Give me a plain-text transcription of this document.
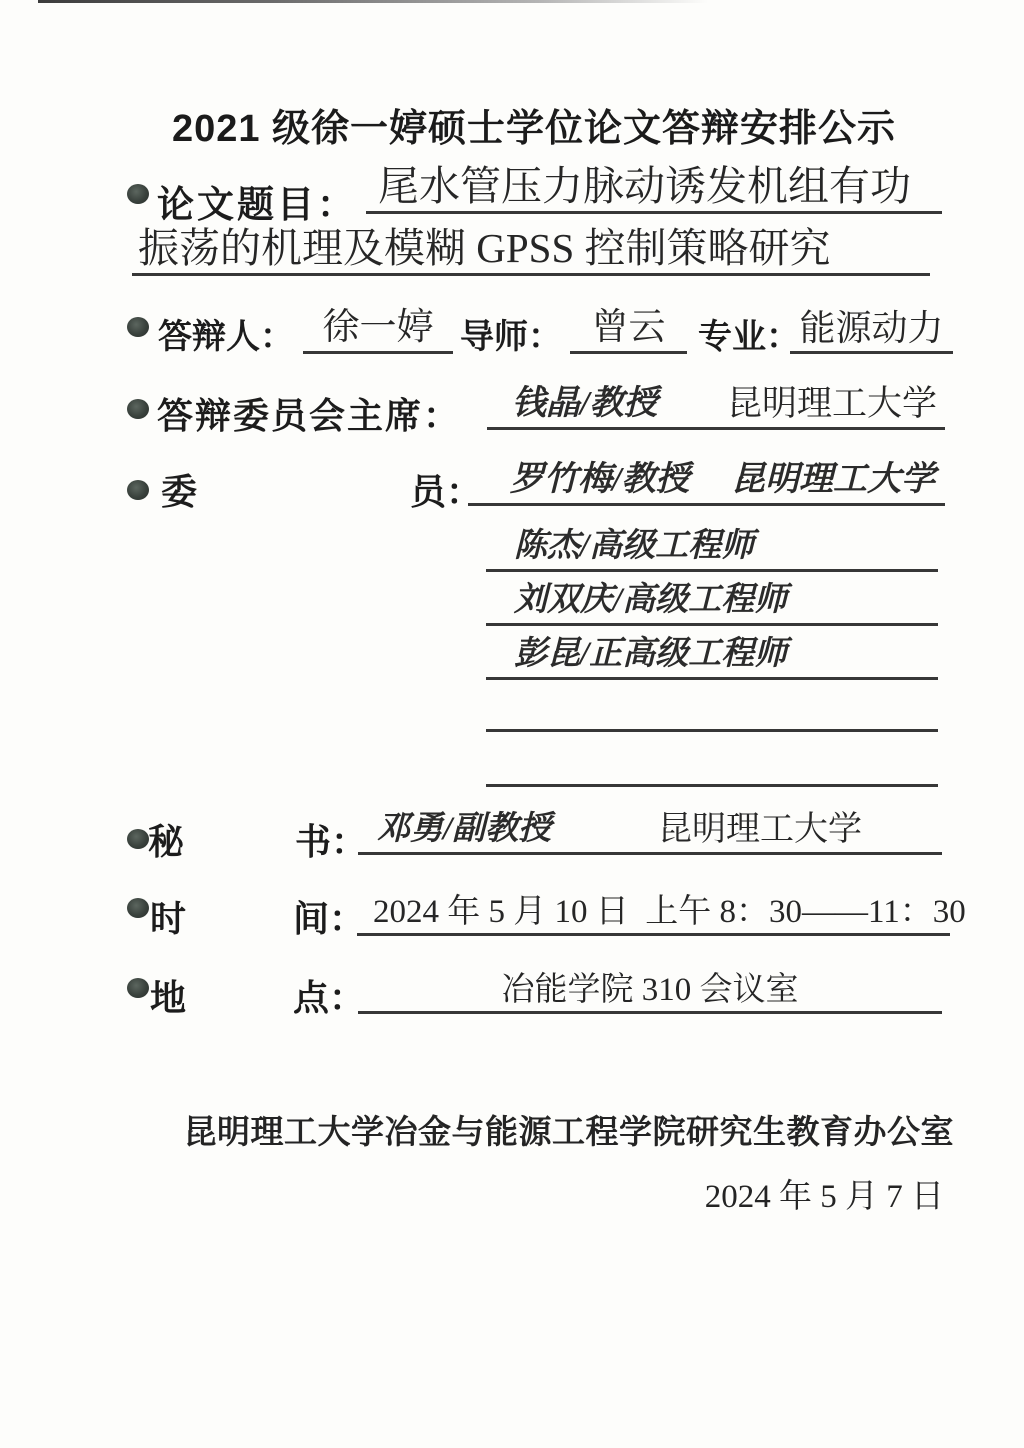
2021 级徐一婷硕士学位论文答辩安排公示
论文题目： 尾水管压力脉动诱发机组有功
振荡的机理及模糊 GPSS 控制策略研究
答辩人： 徐一婷 导师： 曾云 专业： 能源动力
答辩委员会主席： 钱晶/教授 昆明理工大学
委	员： 罗竹梅/教授 昆明理工大学
陈杰/高级工程师
刘双庆/高级工程师
彭昆/正高级工程师
秘	书： 邓勇/副教授	昆明理工大学
时	间： 2024 年 5 月 10 日  上午 8：30——11：30
地	点：	冶能学院 310 会议室
昆明理工大学冶金与能源工程学院研究生教育办公室
2024 年 5 月 7 日
